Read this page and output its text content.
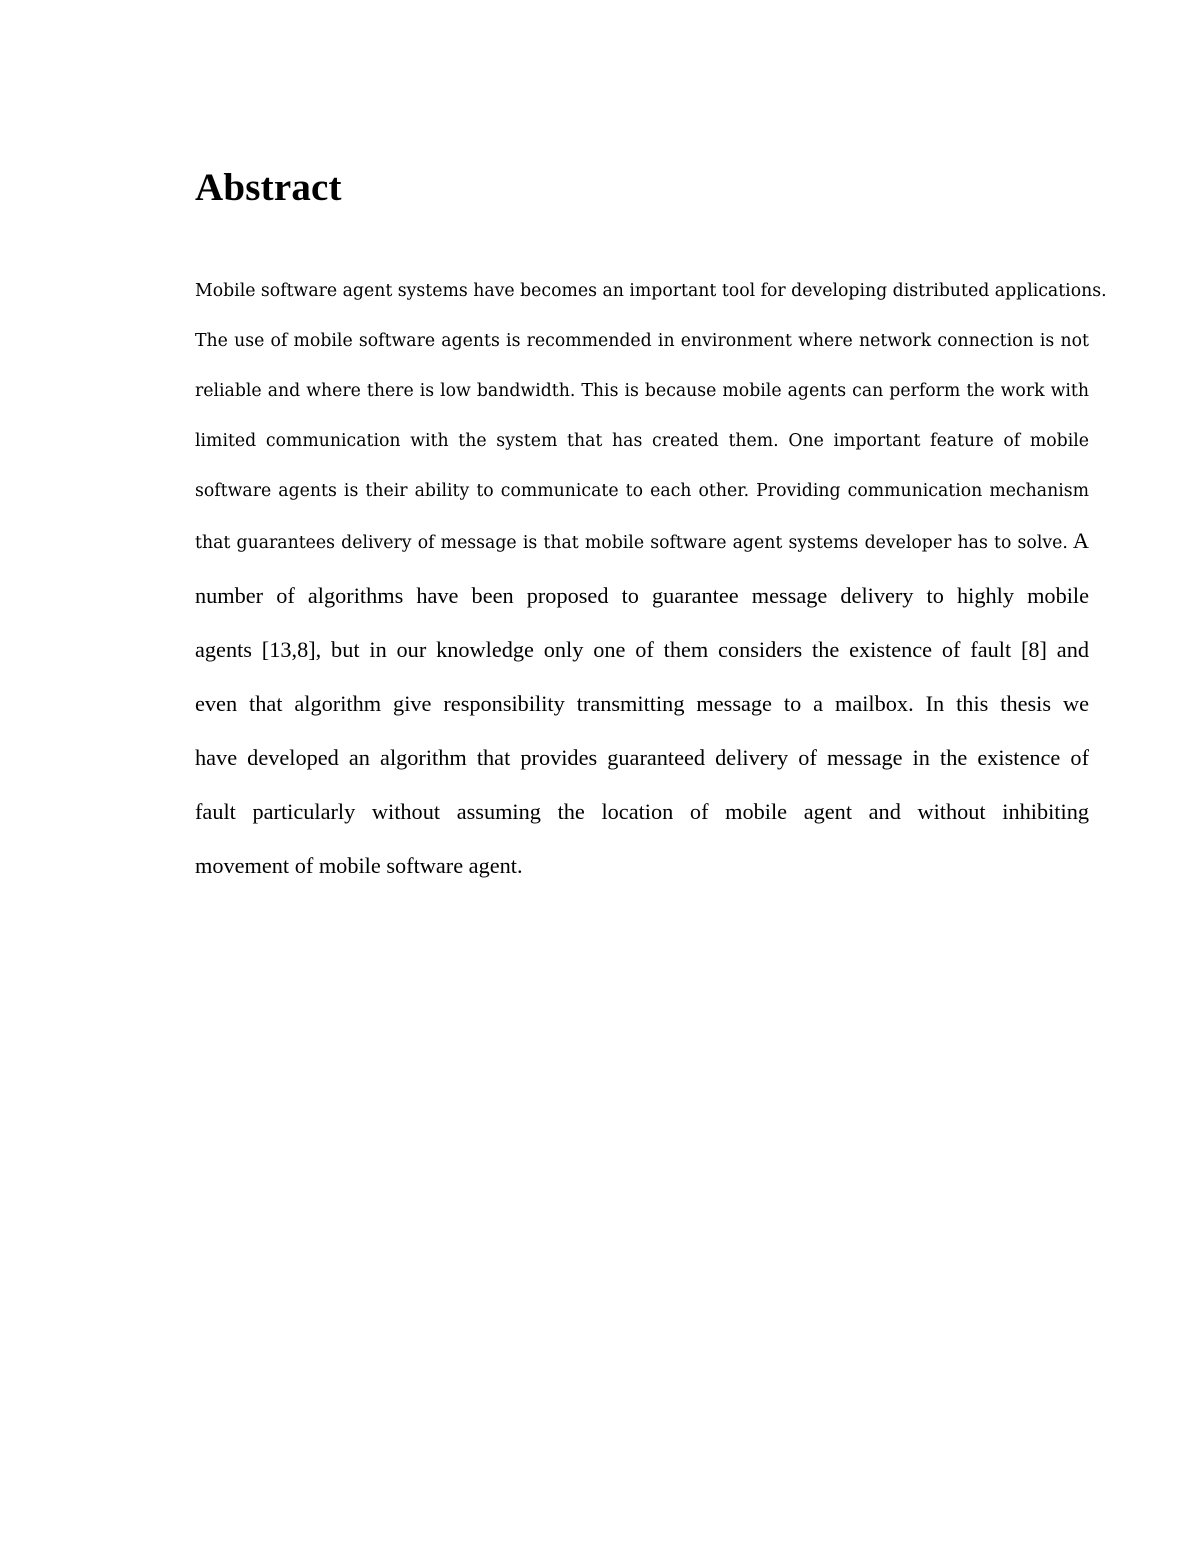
Abstract
Mobile software agent systems have becomes an important tool for developing distributed applications.
The use of mobile software agents is recommended in environment where network connection is not
reliable and where there is low bandwidth. This is because mobile agents can perform the work with
limited communication with the system that has created them. One important feature of mobile
software agents is their ability to communicate to each other. Providing communication mechanism
that guarantees delivery of message is that mobile software agent systems developer has to solve. A
number of algorithms have been proposed to guarantee message delivery to highly mobile
agents [13,8], but in our knowledge only one of them considers the existence of fault [8] and
even that algorithm give responsibility transmitting message to a mailbox. In this thesis we
have developed an algorithm that provides guaranteed delivery of message in the existence of
fault particularly without assuming the location of mobile agent and without inhibiting
movement of mobile software agent.
